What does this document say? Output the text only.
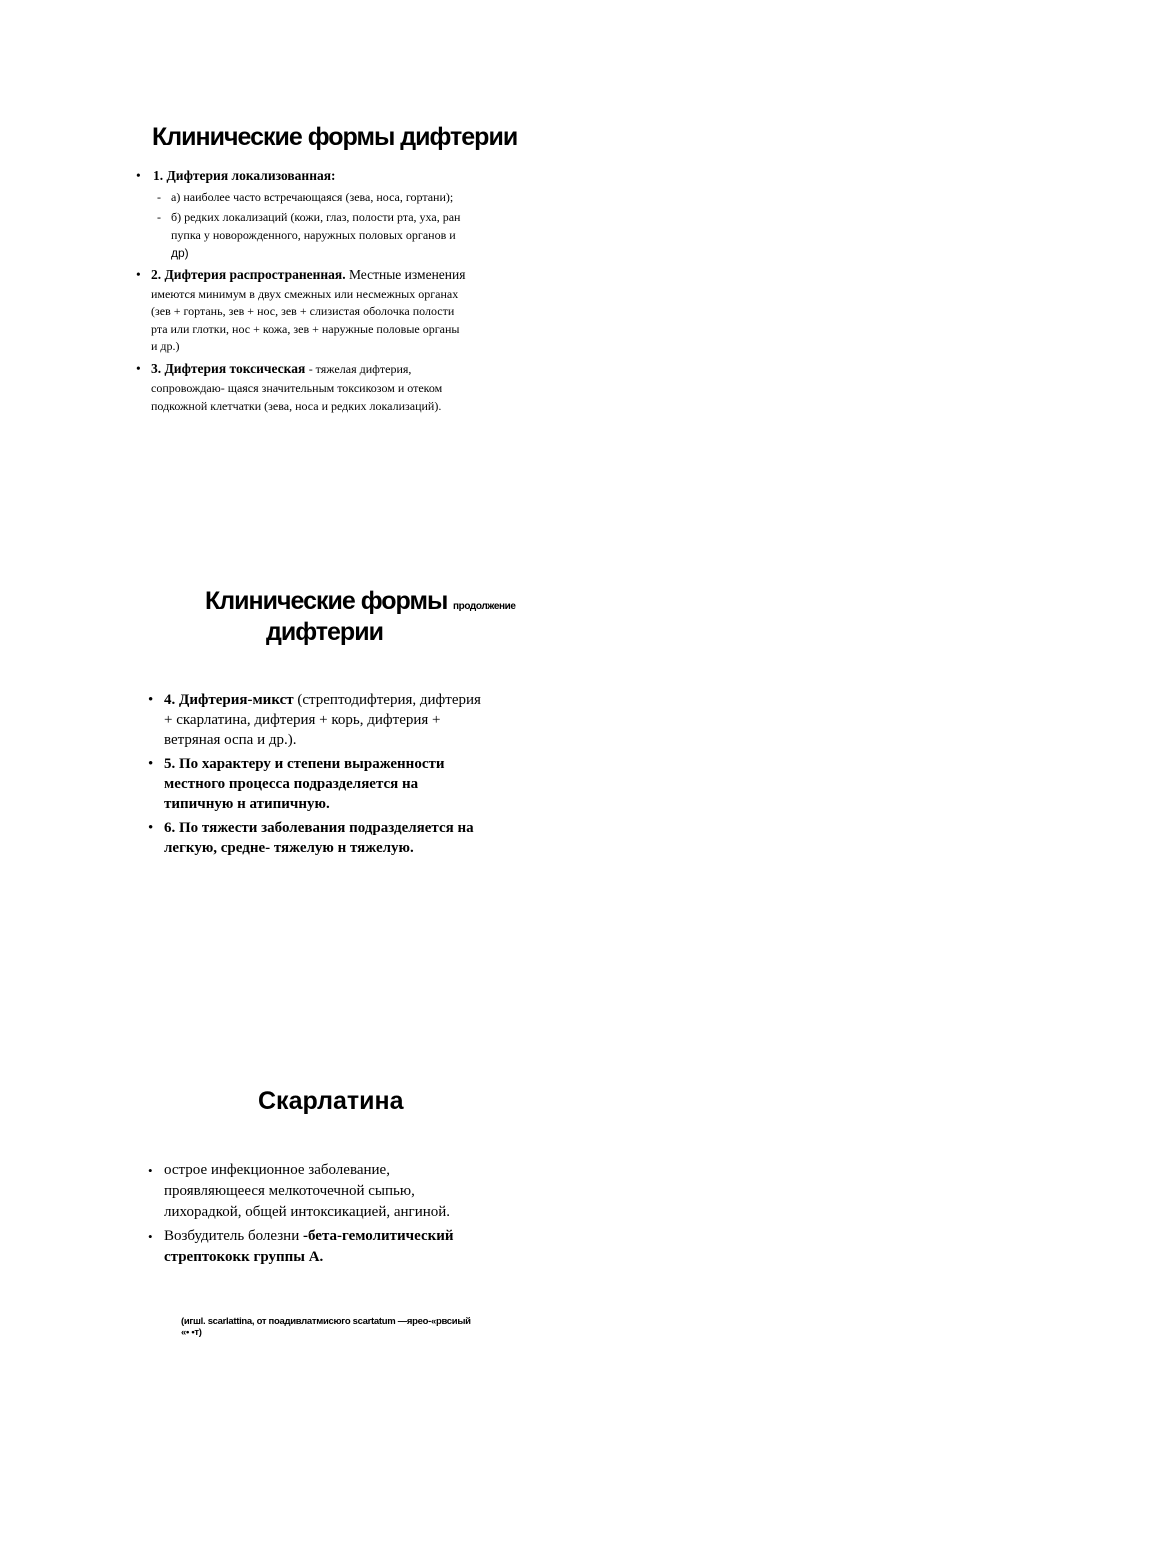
Клинические формы дифтерии
• 1. Дифтерия локализованная:
- а) наиболее часто встречающаяся (зева, носа, гортани);
- б) редких локализаций (кожи, глаз, полости рта, уха, ран
пупка у новорожденного, наружных половых органов и
др)
• 2. Дифтерия распространенная. Местные изменения
имеются минимум в двух смежных или несмежных органах
(зев + гортань, зев + нос, зев + слизистая оболочка полости
рта или глотки, нос + кожа, зев + наружные половые органы
и др.)
• 3. Дифтерия токсическая - тяжелая дифтерия,
сопровождаю- щаяся значительным токсикозом и отеком
подкожной клетчатки (зева, носа и редких локализаций).
Клинические формы продолжение
дифтерии
• 4. Дифтерия-микст (стрептодифтерия, дифтерия
+ скарлатина, дифтерия + корь, дифтерия +
ветряная оспа и др.).
• 5. По характеру и степени выраженности
местного процесса подразделяется на
типичную н атипичную.
• 6. По тяжести заболевания подразделяется на
легкую, средне- тяжелую н тяжелую.
Скарлатина
• острое инфекционное заболевание,
проявляющееся мелкоточечной сыпью,
лихорадкой, общей интоксикацией, ангиной.
• Возбудитель болезни -бета-гемолитический
стрептококк группы А.
(игшl. scarlattina, от поадивлатмисюго scartatum —ярео-«рвсиый
«• •т)
